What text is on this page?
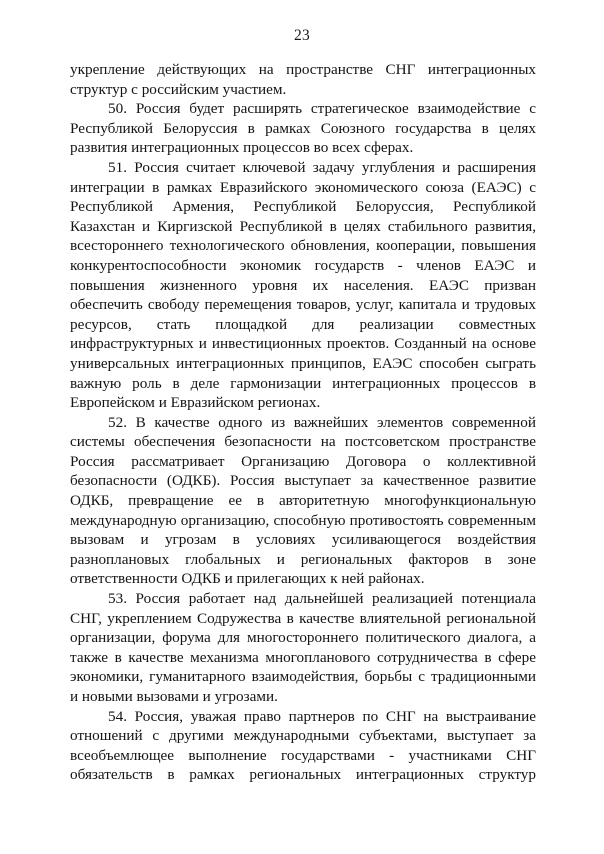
23

укрепление действующих на пространстве СНГ интеграционных структур с российским участием.

50. Россия будет расширять стратегическое взаимодействие с Республикой Белоруссия в рамках Союзного государства в целях развития интеграционных процессов во всех сферах.

51. Россия считает ключевой задачу углубления и расширения интеграции в рамках Евразийского экономического союза (ЕАЭС) с Республикой Армения, Республикой Белоруссия, Республикой Казахстан и Киргизской Республикой в целях стабильного развития, всестороннего технологического обновления, кооперации, повышения конкурентоспособности экономик государств - членов ЕАЭС и повышения жизненного уровня их населения. ЕАЭС призван обеспечить свободу перемещения товаров, услуг, капитала и трудовых ресурсов, стать площадкой для реализации совместных инфраструктурных и инвестиционных проектов. Созданный на основе универсальных интеграционных принципов, ЕАЭС способен сыграть важную роль в деле гармонизации интеграционных процессов в Европейском и Евразийском регионах.

52. В качестве одного из важнейших элементов современной системы обеспечения безопасности на постсоветском пространстве Россия рассматривает Организацию Договора о коллективной безопасности (ОДКБ). Россия выступает за качественное развитие ОДКБ, превращение ее в авторитетную многофункциональную международную организацию, способную противостоять современным вызовам и угрозам в условиях усиливающегося воздействия разноплановых глобальных и региональных факторов в зоне ответственности ОДКБ и прилегающих к ней районах.

53. Россия работает над дальнейшей реализацией потенциала СНГ, укреплением Содружества в качестве влиятельной региональной организации, форума для многостороннего политического диалога, а также в качестве механизма многопланового сотрудничества в сфере экономики, гуманитарного взаимодействия, борьбы с традиционными и новыми вызовами и угрозами.

54. Россия, уважая право партнеров по СНГ на выстраивание отношений с другими международными субъектами, выступает за всеобъемлющее выполнение государствами - участниками СНГ обязательств в рамках региональных интеграционных структур
